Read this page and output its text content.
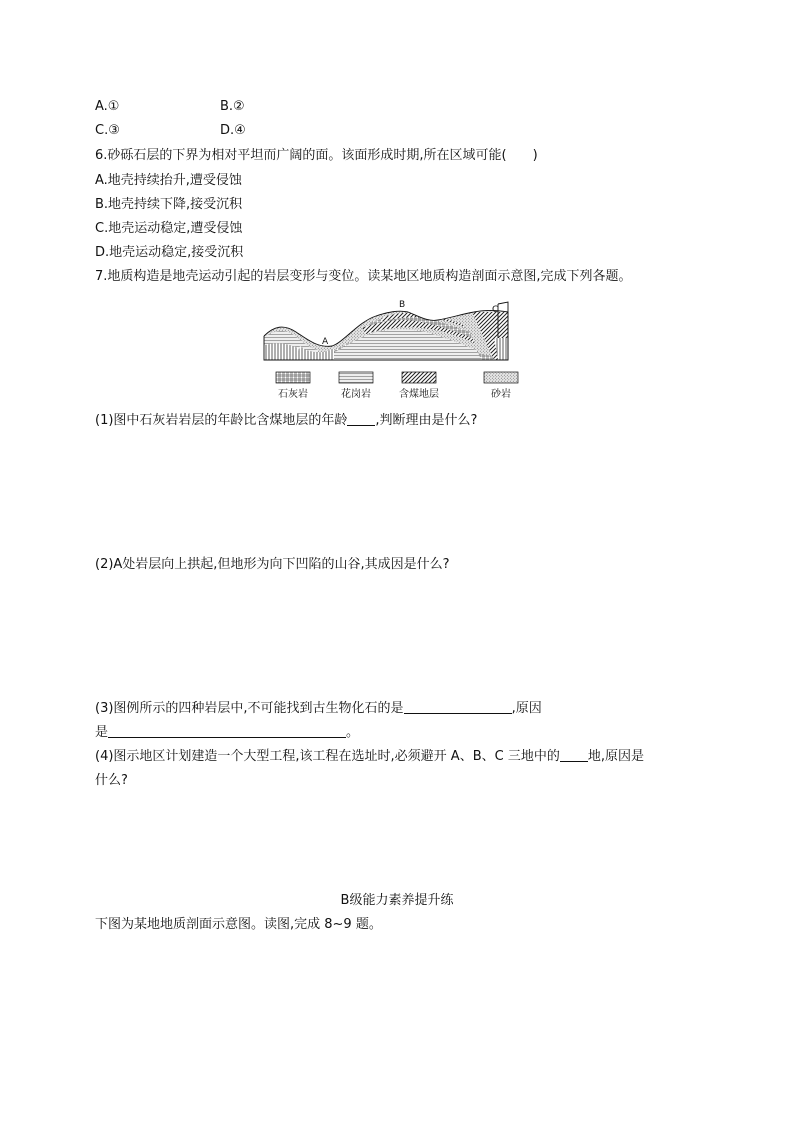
A.①	B.②
C.③	D.④
6.砂砾石层的下界为相对平坦而广阔的面。该面形成时期,所在区域可能(　　)
A.地壳持续抬升,遭受侵蚀
B.地壳持续下降,接受沉积
C.地壳运动稳定,遭受侵蚀
D.地壳运动稳定,接受沉积
7.地质构造是地壳运动引起的岩层变形与变位。读某地区地质构造剖面示意图,完成下列各题。
A
B	C
石灰岩	花岗岩	含煤地层	砂岩
(1)图中石灰岩岩层的年龄比含煤地层的年龄 ,判断理由是什么?
(2)A处岩层向上拱起,但地形为向下凹陷的山谷,其成因是什么?
(3)图例所示的四种岩层中,不可能找到古生物化石的是	,原因
是	。
(4)图示地区计划建造一个大型工程,该工程在选址时,必须避开 A、B、C 三地中的 地,原因是
什么?
B级能力素养提升练
下图为某地地质剖面示意图。读图,完成 8~9 题。
